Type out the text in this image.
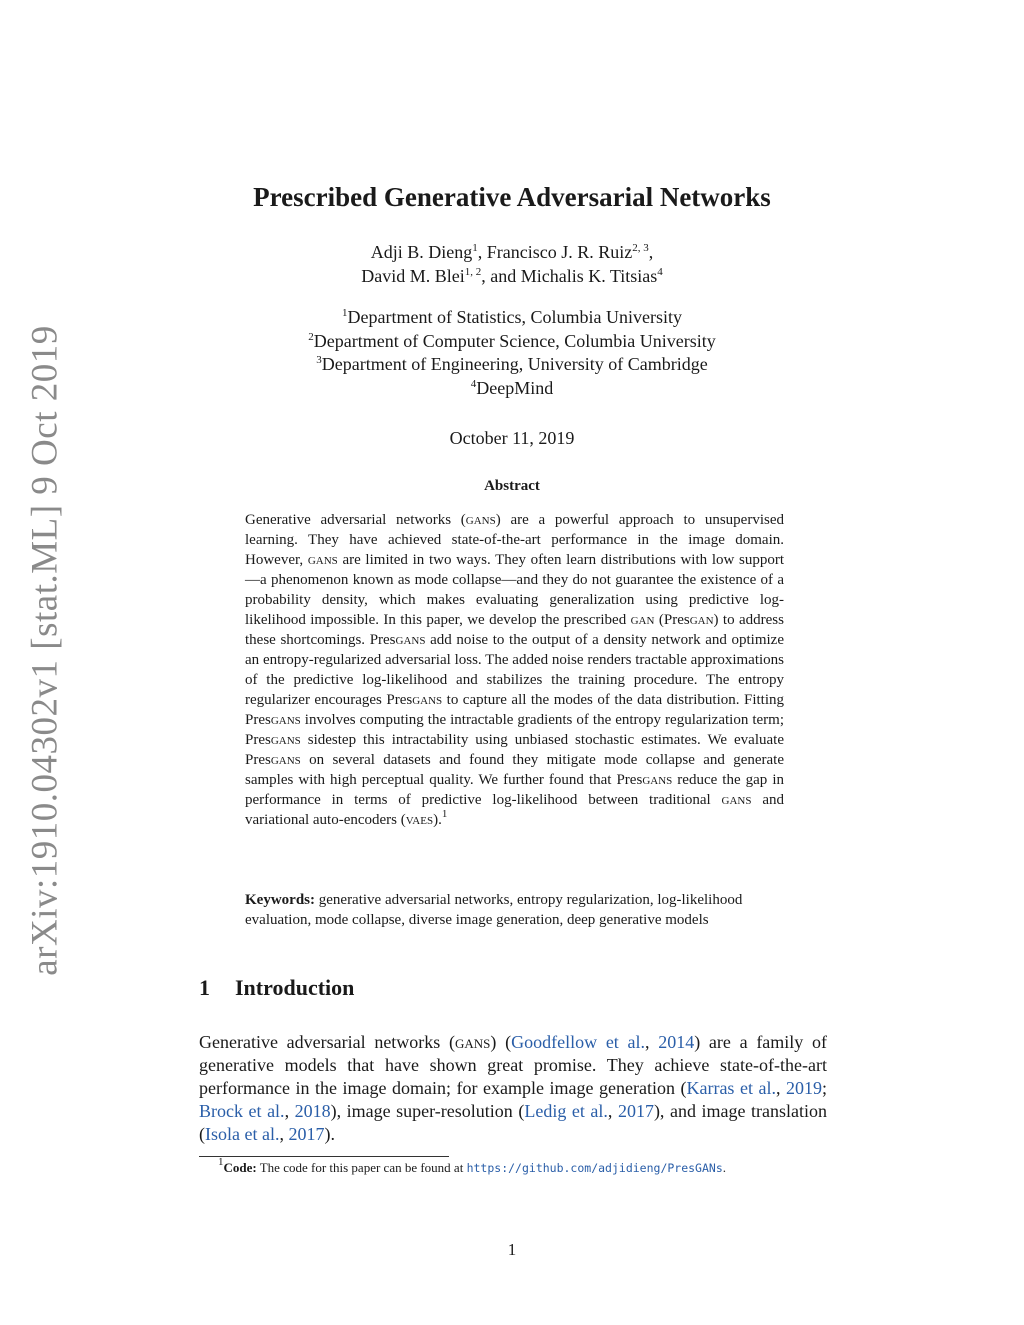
arXiv:1910.04302v1 [stat.ML] 9 Oct 2019
Prescribed Generative Adversarial Networks
Adji B. Dieng$^1$, Francisco J. R. Ruiz$^{2, 3}$,
David M. Blei$^{1, 2}$, and Michalis K. Titsias$^4$
$^1$Department of Statistics, Columbia University
$^2$Department of Computer Science, Columbia University
$^3$Department of Engineering, University of Cambridge
$^4$DeepMind
October 11, 2019
Abstract
Generative adversarial networks (gans) are a powerful approach to unsupervised learning. They have achieved state-of-the-art performance in the image domain. However, gans are limited in two ways. They often learn distributions with low support—a phenomenon known as mode collapse—and they do not guarantee the existence of a probability density, which makes evaluating generalization using predictive log-likelihood impossible. In this paper, we develop the prescribed gan (Presgan) to address these shortcomings. Presgans add noise to the output of a density network and optimize an entropy-regularized adversarial loss. The added noise renders tractable approximations of the predictive log-likelihood and stabilizes the training procedure. The entropy regularizer encourages Presgans to capture all the modes of the data distribution. Fitting Presgans involves computing the intractable gradients of the entropy regularization term; Presgans sidestep this intractability using unbiased stochastic estimates. We evaluate Presgans on several datasets and found they mitigate mode collapse and generate samples with high perceptual quality. We further found that Presgans reduce the gap in performance in terms of predictive log-likelihood between traditional gans and variational auto-encoders (vaes).$^1$
Keywords: generative adversarial networks, entropy regularization, log-likelihood evaluation, mode collapse, diverse image generation, deep generative models
1 Introduction
Generative adversarial networks (gans) (Goodfellow et al., 2014) are a family of generative models that have shown great promise. They achieve state-of-the-art performance in the image domain; for example image generation (Karras et al., 2019; Brock et al., 2018), image super-resolution (Ledig et al., 2017), and image translation (Isola et al., 2017).
$^1$Code: The code for this paper can be found at https://github.com/adjidieng/PresGANs.
1
